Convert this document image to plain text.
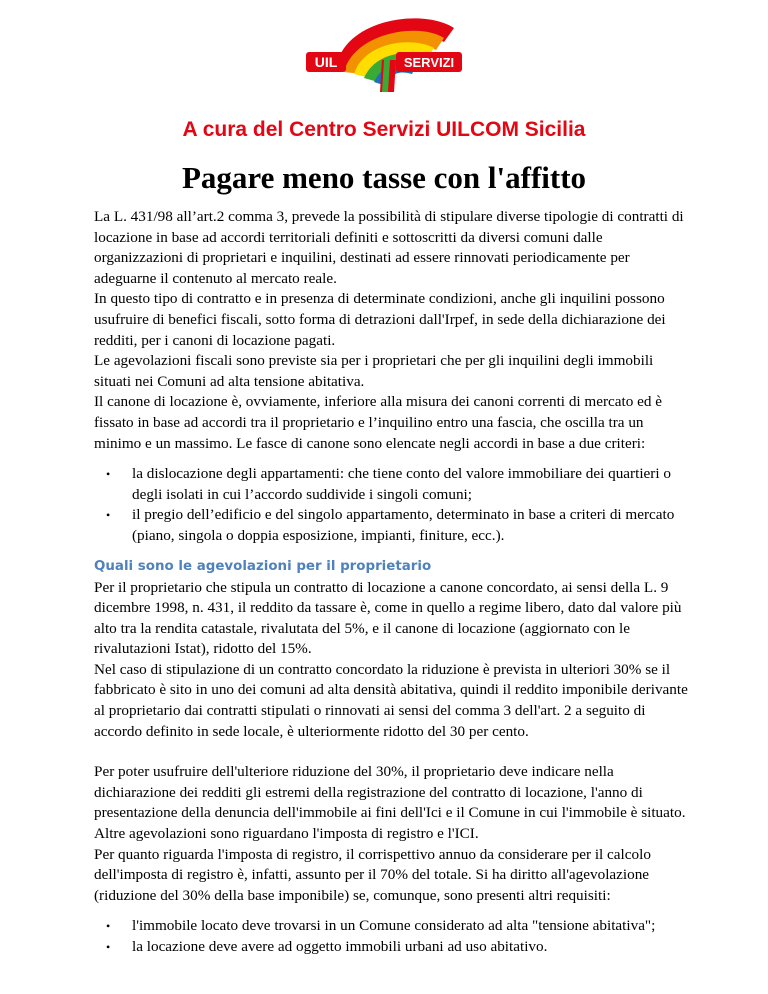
UIL	SERVIZI
A cura del Centro Servizi UILCOM Sicilia
Pagare meno tasse con l'affitto

La L. 431/98 all’art.2 comma 3, prevede la possibilità di stipulare diverse tipologie di contratti di locazione in base ad accordi territoriali definiti e sottoscritti da diversi comuni dalle organizzazioni di proprietari e inquilini, destinati ad essere rinnovati periodicamente per adeguarne il contenuto al mercato reale.

In questo tipo di contratto e in presenza di determinate condizioni, anche gli inquilini possono usufruire di benefici fiscali, sotto forma di detrazioni dall'Irpef, in sede della dichiarazione dei redditi, per i canoni di locazione pagati.

Le agevolazioni fiscali sono previste sia per i proprietari che per gli inquilini degli immobili situati nei Comuni ad alta tensione abitativa.

Il canone di locazione è, ovviamente, inferiore alla misura dei canoni correnti di mercato ed è fissato in base ad accordi tra il proprietario e l’inquilino entro una fascia, che oscilla tra un minimo e un massimo. Le fasce di canone sono elencate negli accordi in base a due criteri:

• la dislocazione degli appartamenti: che tiene conto del valore immobiliare dei quartieri o degli isolati in cui l’accordo suddivide i singoli comuni;
• il pregio dell’edificio e del singolo appartamento, determinato in base a criteri di mercato (piano, singola o doppia esposizione, impianti, finiture, ecc.).
Quali sono le agevolazioni per il proprietario

Per il proprietario che stipula un contratto di locazione a canone concordato, ai sensi della L. 9 dicembre 1998, n. 431, il reddito da tassare è, come in quello a regime libero, dato dal valore più alto tra la rendita catastale, rivalutata del 5%, e il canone di locazione (aggiornato con le rivalutazioni Istat), ridotto del 15%.

Nel caso di stipulazione di un contratto concordato la riduzione è prevista in ulteriori 30% se il fabbricato è sito in uno dei comuni ad alta densità abitativa, quindi il reddito imponibile derivante al proprietario dai contratti stipulati o rinnovati ai sensi del comma 3 dell'art. 2 a seguito di accordo definito in sede locale, è ulteriormente ridotto del 30 per cento.

Per poter usufruire dell'ulteriore riduzione del 30%, il proprietario deve indicare nella dichiarazione dei redditi gli estremi della registrazione del contratto di locazione, l'anno di presentazione della denuncia dell'immobile ai fini dell'Ici e il Comune in cui l'immobile è situato.

Altre agevolazioni sono riguardano l'imposta di registro e l'ICI.

Per quanto riguarda l'imposta di registro, il corrispettivo annuo da considerare per il calcolo dell'imposta di registro è, infatti, assunto per il 70% del totale. Si ha diritto all'agevolazione (riduzione del 30% della base imponibile) se, comunque, sono presenti altri requisiti:

• l'immobile locato deve trovarsi in un Comune considerato ad alta "tensione abitativa";
• la locazione deve avere ad oggetto immobili urbani ad uso abitativo.
